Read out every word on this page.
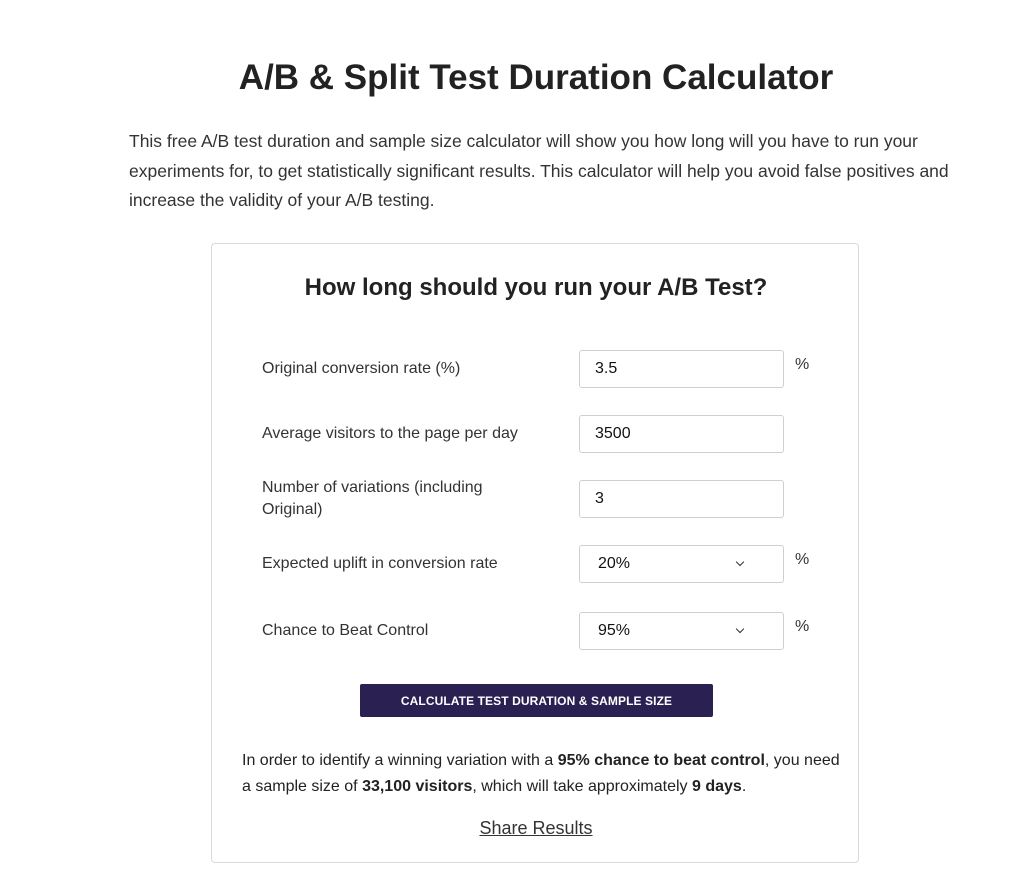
A/B & Split Test Duration Calculator

This free A/B test duration and sample size calculator will show you how long will you have to run your experiments for, to get statistically significant results. This calculator will help you avoid false positives and increase the validity of your A/B testing.

How long should you run your A/B Test?
Original conversion rate (%)
3.5	%
Average visitors to the page per day
3500
Number of variations (including Original)
3
Expected uplift in conversion rate	20%	%
Chance to Beat Control	95%	%
CALCULATE TEST DURATION & SAMPLE SIZE

In order to identify a winning variation with a 95% chance to beat control, you need a sample size of 33,100 visitors, which will take approximately 9 days.

Share Results
